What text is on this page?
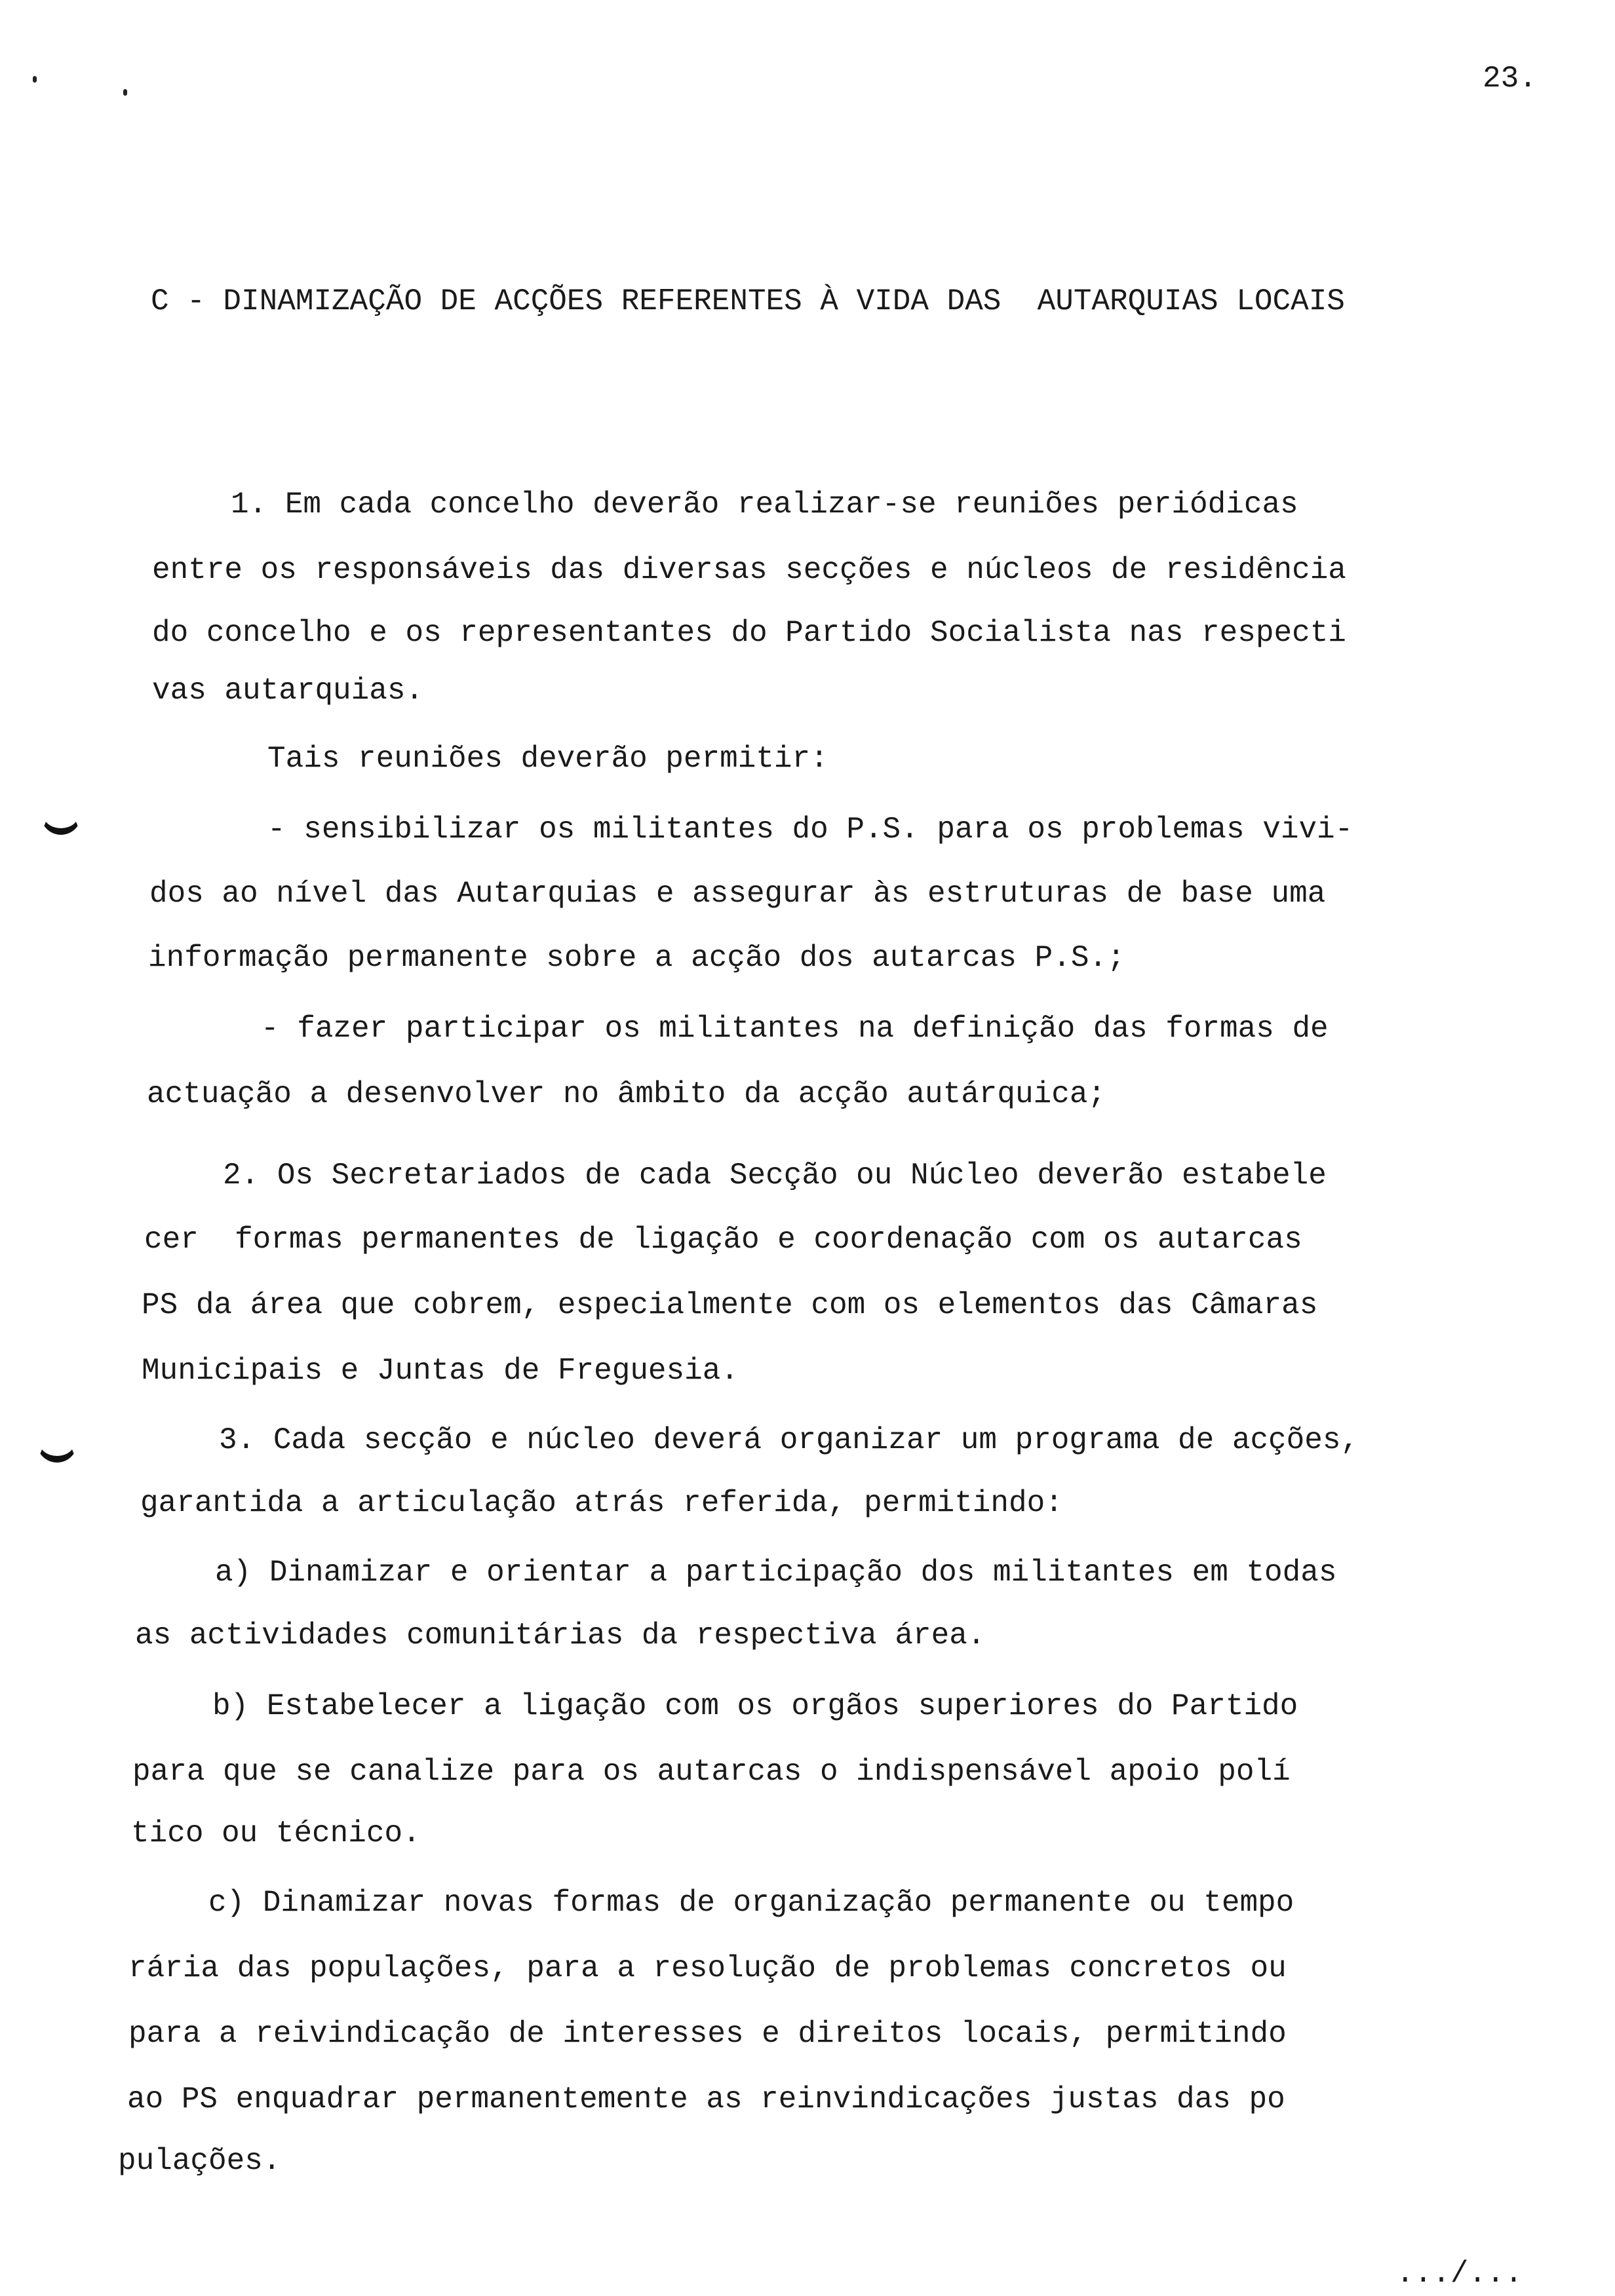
23.
C - DINAMIZAÇÃO DE ACÇÕES REFERENTES À VIDA DAS  AUTARQUIAS LOCAIS
1. Em cada concelho deverão realizar-se reuniões periódicas
entre os responsáveis das diversas secções e núcleos de residência
do concelho e os representantes do Partido Socialista nas respecti
vas autarquias.
Tais reuniões deverão permitir:
- sensibilizar os militantes do P.S. para os problemas vivi-
dos ao nível das Autarquias e assegurar às estruturas de base uma
informação permanente sobre a acção dos autarcas P.S.;
- fazer participar os militantes na definição das formas de
actuação a desenvolver no âmbito da acção autárquica;
2. Os Secretariados de cada Secção ou Núcleo deverão estabele
cer  formas permanentes de ligação e coordenação com os autarcas
PS da área que cobrem, especialmente com os elementos das Câmaras
Municipais e Juntas de Freguesia.
3. Cada secção e núcleo deverá organizar um programa de acções,
garantida a articulação atrás referida, permitindo:
a) Dinamizar e orientar a participação dos militantes em todas
as actividades comunitárias da respectiva área.
b) Estabelecer a ligação com os orgãos superiores do Partido
para que se canalize para os autarcas o indispensável apoio polí
tico ou técnico.
c) Dinamizar novas formas de organização permanente ou tempo
rária das populações, para a resolução de problemas concretos ou
para a reivindicação de interesses e direitos locais, permitindo
ao PS enquadrar permanentemente as reinvindicações justas das po
pulações.
.../...
